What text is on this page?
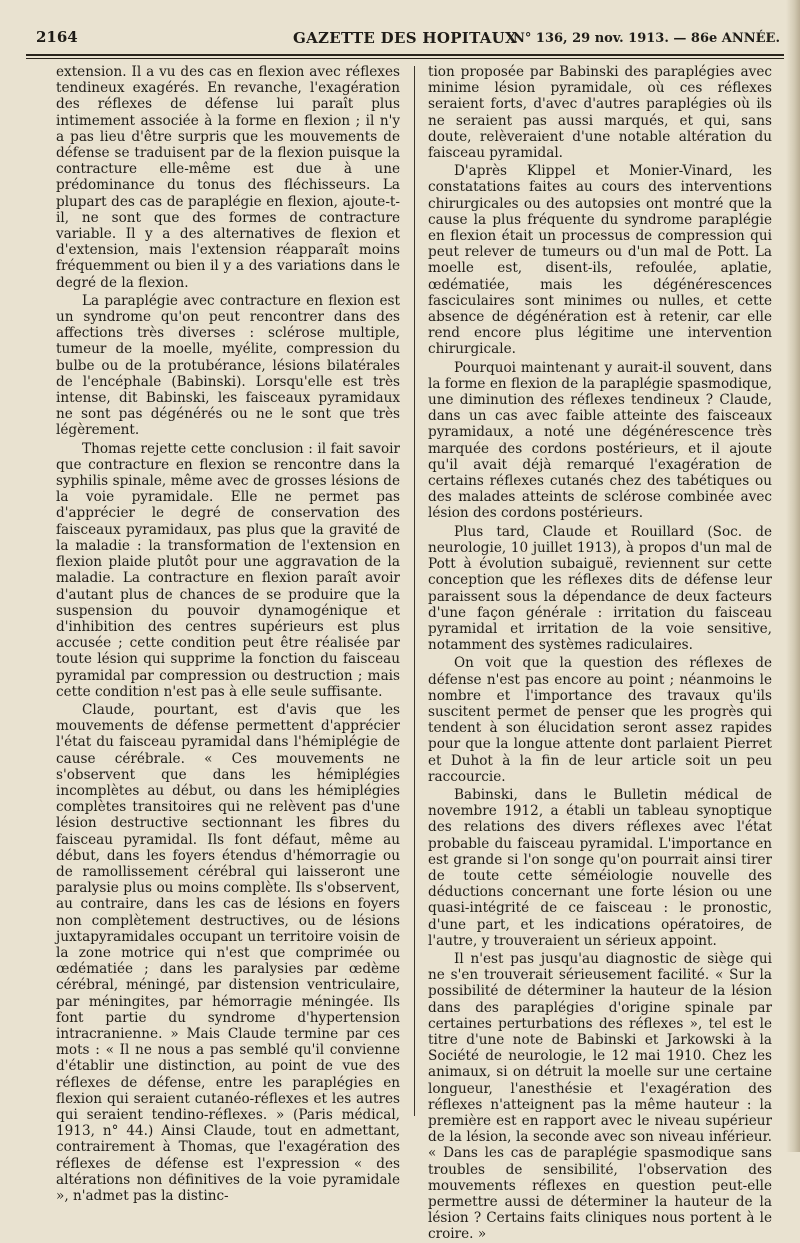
2164	GAZETTE DES HOPITAUX
N° 136, 29 nov. 1913. — 86e ANNÉE.

extension. Il a vu des cas en flexion avec réflexes tendineux exagérés. En revanche, l'exagération des réflexes de défense lui paraît plus intimement associée à la forme en flexion ; il n'y a pas lieu d'être surpris que les mouvements de défense se traduisent par de la flexion puisque la contracture elle-même est due à une prédominance du tonus des fléchisseurs. La plupart des cas de paraplégie en flexion, ajoute-t-il, ne sont que des formes de contracture variable. Il y a des alternatives de flexion et d'extension, mais l'extension réapparaît moins fréquemment ou bien il y a des variations dans le degré de la flexion.

La paraplégie avec contracture en flexion est un syndrome qu'on peut rencontrer dans des affections très diverses : sclérose multiple, tumeur de la moelle, myélite, compression du bulbe ou de la protubérance, lésions bilatérales de l'encéphale (Babinski). Lorsqu'elle est très intense, dit Babinski, les faisceaux pyramidaux ne sont pas dégénérés ou ne le sont que très légèrement.

Thomas rejette cette conclusion : il fait savoir que contracture en flexion se rencontre dans la syphilis spinale, même avec de grosses lésions de la voie pyramidale. Elle ne permet pas d'apprécier le degré de conservation des faisceaux pyramidaux, pas plus que la gravité de la maladie : la transformation de l'extension en flexion plaide plutôt pour une aggravation de la maladie. La contracture en flexion paraît avoir d'autant plus de chances de se produire que la suspension du pouvoir dynamogénique et d'inhibition des centres supérieurs est plus accusée ; cette condition peut être réalisée par toute lésion qui supprime la fonction du faisceau pyramidal par compression ou destruction ; mais cette condition n'est pas à elle seule suffisante.

Claude, pourtant, est d'avis que les mouvements de défense permettent d'apprécier l'état du faisceau pyramidal dans l'hémiplégie de cause cérébrale. « Ces mouvements ne s'observent que dans les hémiplégies incomplètes au début, ou dans les hémiplégies complètes transitoires qui ne relèvent pas d'une lésion destructive sectionnant les fibres du faisceau pyramidal. Ils font défaut, même au début, dans les foyers étendus d'hémorragie ou de ramollissement cérébral qui laisseront une paralysie plus ou moins complète. Ils s'observent, au contraire, dans les cas de lésions en foyers non complètement destructives, ou de lésions juxtapyramidales occupant un territoire voisin de la zone motrice qui n'est que comprimée ou œdématiée ; dans les paralysies par œdème cérébral, méningé, par distension ventriculaire, par méningites, par hémorragie méningée. Ils font partie du syndrome d'hypertension intracranienne. » Mais Claude termine par ces mots : « Il ne nous a pas semblé qu'il convienne d'établir une distinction, au point de vue des réflexes de défense, entre les paraplégies en flexion qui seraient cutanéo-réflexes et les autres qui seraient tendino-réflexes. » (Paris médical, 1913, n° 44.) Ainsi Claude, tout en admettant, contrairement à Thomas, que l'exagération des réflexes de défense est l'expression « des altérations non définitives de la voie pyramidale », n'admet pas la distinc-

tion proposée par Babinski des paraplégies avec minime lésion pyramidale, où ces réflexes seraient forts, d'avec d'autres paraplégies où ils ne seraient pas aussi marqués, et qui, sans doute, relèveraient d'une notable altération du faisceau pyramidal.

D'après Klippel et Monier-Vinard, les constatations faites au cours des interventions chirurgicales ou des autopsies ont montré que la cause la plus fréquente du syndrome paraplégie en flexion était un processus de compression qui peut relever de tumeurs ou d'un mal de Pott. La moelle est, disent-ils, refoulée, aplatie, œdématiée, mais les dégénérescences fasciculaires sont minimes ou nulles, et cette absence de dégénération est à retenir, car elle rend encore plus légitime une intervention chirurgicale.

Pourquoi maintenant y aurait-il souvent, dans la forme en flexion de la paraplégie spasmodique, une diminution des réflexes tendineux ? Claude, dans un cas avec faible atteinte des faisceaux pyramidaux, a noté une dégénérescence très marquée des cordons postérieurs, et il ajoute qu'il avait déjà remarqué l'exagération de certains réflexes cutanés chez des tabétiques ou des malades atteints de sclérose combinée avec lésion des cordons postérieurs.

Plus tard, Claude et Rouillard (Soc. de neurologie, 10 juillet 1913), à propos d'un mal de Pott à évolution subaiguë, reviennent sur cette conception que les réflexes dits de défense leur paraissent sous la dépendance de deux facteurs d'une façon générale : irritation du faisceau pyramidal et irritation de la voie sensitive, notamment des systèmes radiculaires.

On voit que la question des réflexes de défense n'est pas encore au point ; néanmoins le nombre et l'importance des travaux qu'ils suscitent permet de penser que les progrès qui tendent à son élucidation seront assez rapides pour que la longue attente dont parlaient Pierret et Duhot à la fin de leur article soit un peu raccourcie.

Babinski, dans le Bulletin médical de novembre 1912, a établi un tableau synoptique des relations des divers réflexes avec l'état probable du faisceau pyramidal. L'importance en est grande si l'on songe qu'on pourrait ainsi tirer de toute cette séméiologie nouvelle des déductions concernant une forte lésion ou une quasi-intégrité de ce faisceau : le pronostic, d'une part, et les indications opératoires, de l'autre, y trouveraient un sérieux appoint.

Il n'est pas jusqu'au diagnostic de siège qui ne s'en trouverait sérieusement facilité. « Sur la possibilité de déterminer la hauteur de la lésion dans des paraplégies d'origine spinale par certaines perturbations des réflexes », tel est le titre d'une note de Babinski et Jarkowski à la Société de neurologie, le 12 mai 1910. Chez les animaux, si on détruit la moelle sur une certaine longueur, l'anesthésie et l'exagération des réflexes n'atteignent pas la même hauteur : la première est en rapport avec le niveau supérieur de la lésion, la seconde avec son niveau inférieur. « Dans les cas de paraplégie spasmodique sans troubles de sensibilité, l'observation des mouvements réflexes en question peut-elle permettre aussi de déterminer la hauteur de la lésion ? Certains faits cliniques nous portent à le croire. »
